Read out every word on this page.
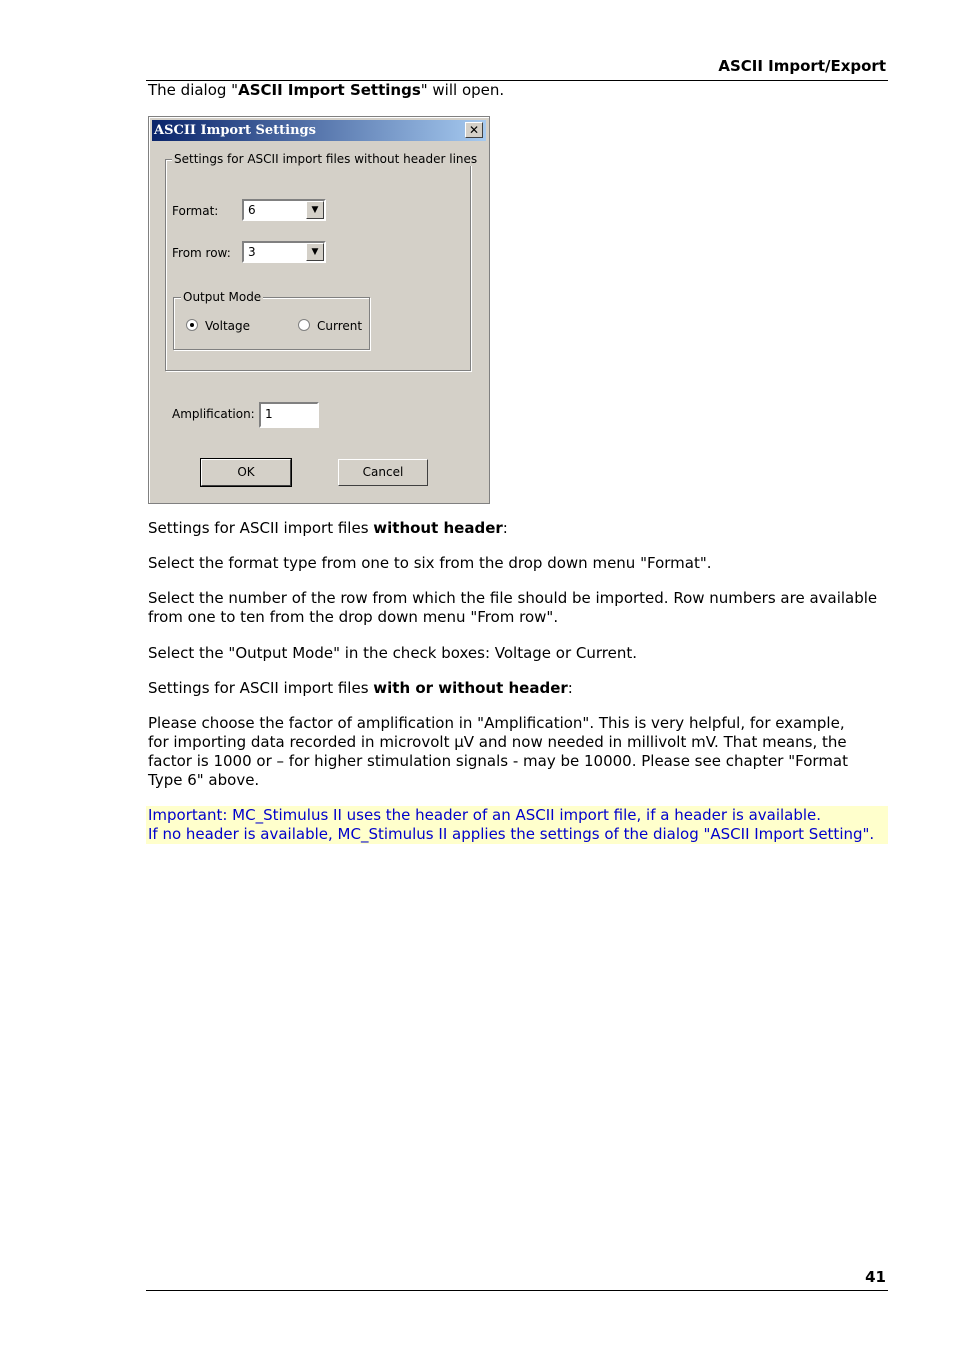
ASCII Import/Export
The dialog "ASCII Import Settings" will open.
ASCII Import Settings	✕
Settings for ASCII import files without header lines
Format: 6	▼
From row: 3	▼
Output Mode
Voltage	Current
Amplification: 1
OK	Cancel
Settings for ASCII import files without header:
Select the format type from one to six from the drop down menu "Format".
Select the number of the row from which the file should be imported. Row numbers are available from one to ten from the drop down menu "From row".
Select the "Output Mode" in the check boxes: Voltage or Current.
Settings for ASCII import files with or without header:
Please choose the factor of amplification in "Amplification". This is very helpful, for example, for importing data recorded in microvolt µV and now needed in millivolt mV. That means, the factor is 1000 or – for higher stimulation signals - may be 10000. Please see chapter "Format Type 6" above.
Important: MC_Stimulus II uses the header of an ASCII import file, if a header is available.
If no header is available, MC_Stimulus II applies the settings of the dialog "ASCII Import Setting".
41
